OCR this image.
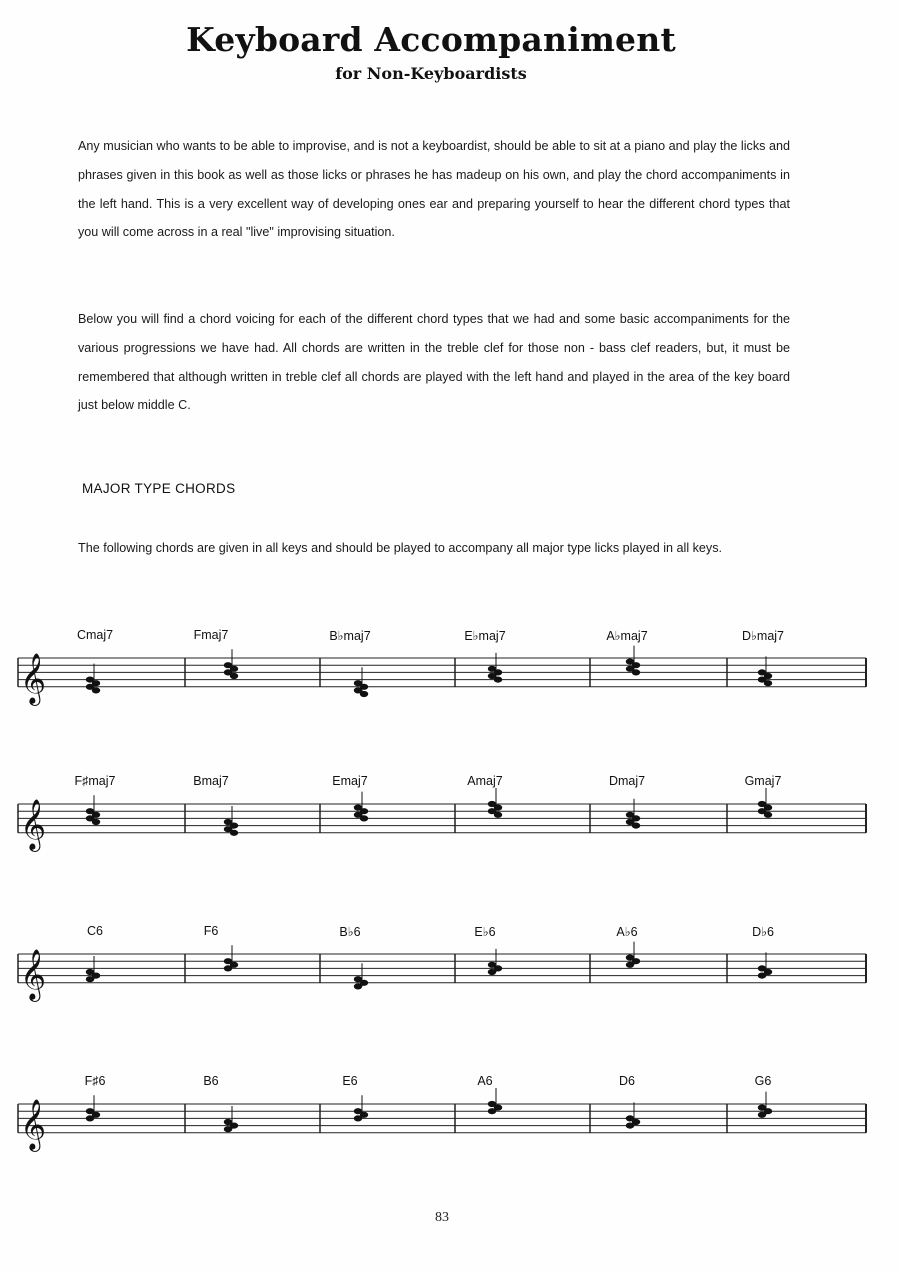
Keyboard Accompaniment
for Non-Keyboardists

Any musician who wants to be able to improvise, and is not a keyboardist, should be able to sit at a piano and play the licks and phrases given in this book as well as those licks or phrases he has madeup on his own, and play the chord accompaniments in the left hand. This is a very excellent way of developing ones ear and preparing yourself to hear the different chord types that you will come across in a real "live" improvising situation.

Below you will find a chord voicing for each of the different chord types that we had and some basic accompaniments for the various progressions we have had. All chords are written in the treble clef for those non - bass clef readers, but, it must be remembered that although written in treble clef all chords are played with the left hand and played in the area of the key board just below middle C.

MAJOR TYPE CHORDS

The following chords are given in all keys and should be played to accompany all major type licks played in all keys.

𝄞
Cmaj7	Fmaj7	B♭maj7	E♭maj7	A♭maj7	D♭maj7
𝄞
F♯maj7	Bmaj7	Emaj7	Amaj7	Dmaj7	Gmaj7
𝄞
C6	F6	B♭6	E♭6	A♭6	D♭6
𝄞
F♯6	B6	E6	A6	D6	G6
83
